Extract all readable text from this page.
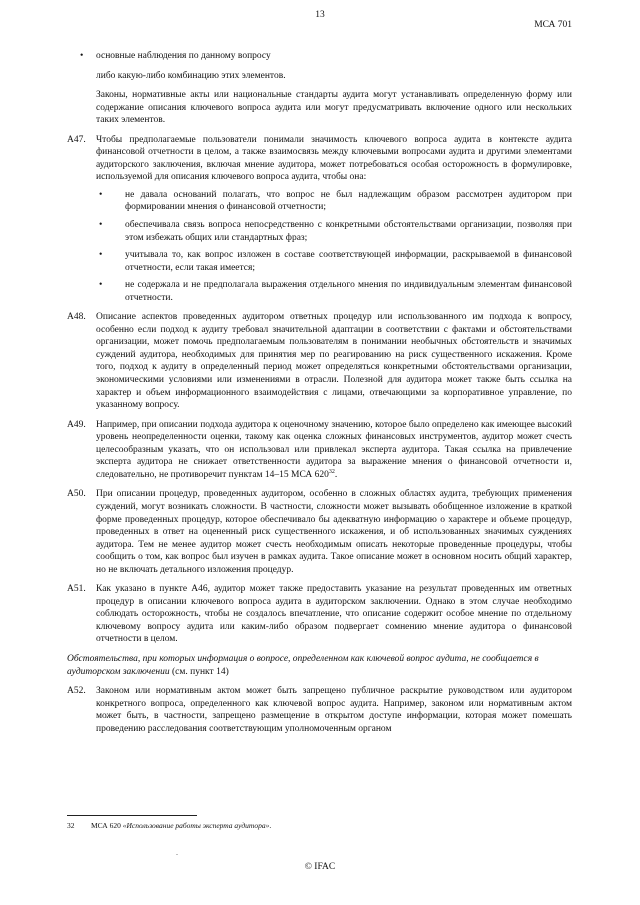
13
МСА 701
• основные наблюдения по данному вопросу

либо какую-либо комбинацию этих элементов.

Законы, нормативные акты или национальные стандарты аудита могут устанавливать определенную форму или содержание описания ключевого вопроса аудита или могут предусматривать включение одного или нескольких таких элементов.

A47. Чтобы предполагаемые пользователи понимали значимость ключевого вопроса аудита в контексте аудита финансовой отчетности в целом, а также взаимосвязь между ключевыми вопросами аудита и другими элементами аудиторского заключения, включая мнение аудитора, может потребоваться особая осторожность в формулировке, используемой для описания ключевого вопроса аудита, чтобы она:

• не давала оснований полагать, что вопрос не был надлежащим образом рассмотрен аудитором при формировании мнения о финансовой отчетности;

• обеспечивала связь вопроса непосредственно с конкретными обстоятельствами организации, позволяя при этом избежать общих или стандартных фраз;

• учитывала то, как вопрос изложен в составе соответствующей информации, раскрываемой в финансовой отчетности, если такая имеется;

• не содержала и не предполагала выражения отдельного мнения по индивидуальным элементам финансовой отчетности.

A48. Описание аспектов проведенных аудитором ответных процедур или использованного им подхода к вопросу, особенно если подход к аудиту требовал значительной адаптации в соответствии с фактами и обстоятельствами организации, может помочь предполагаемым пользователям в понимании необычных обстоятельств и значимых суждений аудитора, необходимых для принятия мер по реагированию на риск существенного искажения. Кроме того, подход к аудиту в определенный период может определяться конкретными обстоятельствами организации, экономическими условиями или изменениями в отрасли. Полезной для аудитора может также быть ссылка на характер и объем информационного взаимодействия с лицами, отвечающими за корпоративное управление, по указанному вопросу.

A49. Например, при описании подхода аудитора к оценочному значению, которое было определено как имеющее высокий уровень неопределенности оценки, такому как оценка сложных финансовых инструментов, аудитор может счесть целесообразным указать, что он использовал или привлекал эксперта аудитора. Такая ссылка на привлечение эксперта аудитора не снижает ответственности аудитора за выражение мнения о финансовой отчетности и, следовательно, не противоречит пунктам 14–15 МСА $620^{32}$.

A50. При описании процедур, проведенных аудитором, особенно в сложных областях аудита, требующих применения суждений, могут возникать сложности. В частности, сложности может вызывать обобщенное изложение в краткой форме проведенных процедур, которое обеспечивало бы адекватную информацию о характере и объеме процедур, проведенных в ответ на оцененный риск существенного искажения, и об использованных значимых суждениях аудитора. Тем не менее аудитор может счесть необходимым описать некоторые проведенные процедуры, чтобы сообщить о том, как вопрос был изучен в рамках аудита. Такое описание может в основном носить общий характер, но не включать детального изложения процедур.

A51. Как указано в пункте А46, аудитор может также предоставить указание на результат проведенных им ответных процедур в описании ключевого вопроса аудита в аудиторском заключении. Однако в этом случае необходимо соблюдать осторожность, чтобы не создалось впечатление, что описание содержит особое мнение по отдельному ключевому вопросу аудита или каким-либо образом подвергает сомнению мнение аудитора о финансовой отчетности в целом.

Обстоятельства, при которых информация о вопросе, определенном как ключевой вопрос аудита, не сообщается в аудиторском заключении (см. пункт 14)

A52. Законом или нормативным актом может быть запрещено публичное раскрытие руководством или аудитором конкретного вопроса, определенного как ключевой вопрос аудита. Например, законом или нормативным актом может быть, в частности, запрещено размещение в открытом доступе информации, которая может помешать проведению расследования соответствующим уполномоченным органом

32 МСА 620 «Использование работы эксперта аудитора».
.
© IFAC
